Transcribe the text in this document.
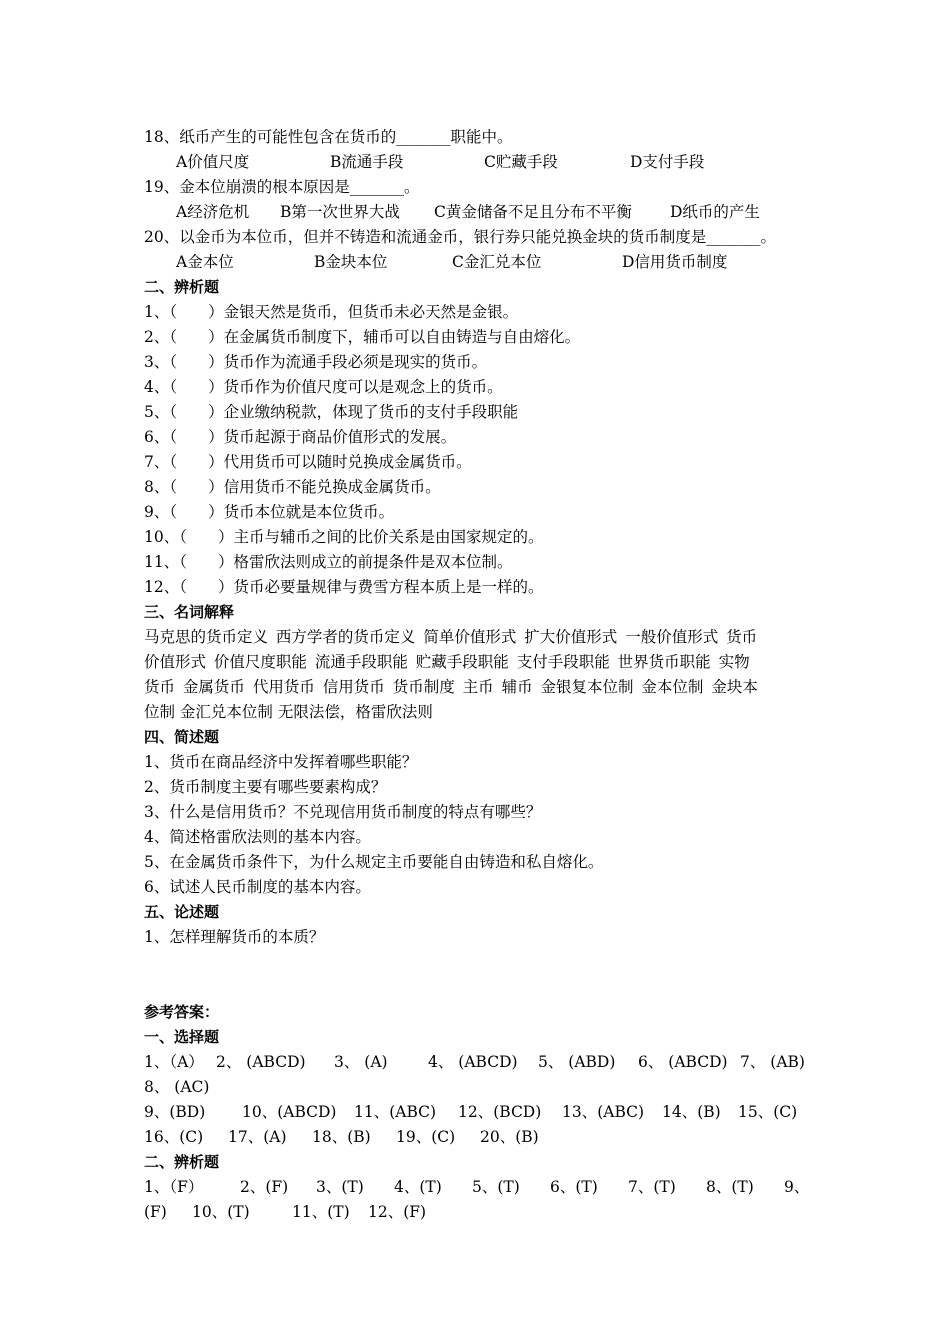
18、纸币产生的可能性包含在货币的_______职能中。
A价值尺度	B流通手段	C贮藏手段	D支付手段
19、金本位崩溃的根本原因是_______。
A经济危机 B第一次世界大战 C黄金储备不足且分布不平衡 D纸币的产生
20、以金币为本位币，但并不铸造和流通金币，银行券只能兑换金块的货币制度是_______。
A金本位	B金块本位	C金汇兑本位	D信用货币制度
二、辨析题
1、（　　）金银天然是货币，但货币未必天然是金银。
2、（　　）在金属货币制度下，辅币可以自由铸造与自由熔化。
3、（　　）货币作为流通手段必须是现实的货币。
4、（　　）货币作为价值尺度可以是观念上的货币。
5、（　　）企业缴纳税款，体现了货币的支付手段职能
6、（　　）货币起源于商品价值形式的发展。
7、（　　）代用货币可以随时兑换成金属货币。
8、（　　）信用货币不能兑换成金属货币。
9、（　　）货币本位就是本位货币。
10、（　　）主币与辅币之间的比价关系是由国家规定的。
11、（　　）格雷欣法则成立的前提条件是双本位制。
12、（　　）货币必要量规律与费雪方程本质上是一样的。
三、名词解释
马克思的货币定义 西方学者的货币定义 简单价值形式 扩大价值形式 一般价值形式 货币
价值形式 价值尺度职能 流通手段职能 贮藏手段职能 支付手段职能 世界货币职能 实物
货币 金属货币 代用货币 信用货币 货币制度 主币 辅币 金银复本位制 金本位制 金块本
位制 金汇兑本位制 无限法偿，格雷欣法则
四、简述题
1、货币在商品经济中发挥着哪些职能？
2、货币制度主要有哪些要素构成？
3、什么是信用货币？不兑现信用货币制度的特点有哪些？
4、简述格雷欣法则的基本内容。
5、在金属货币条件下，为什么规定主币要能自由铸造和私自熔化。
6、试述人民币制度的基本内容。
五、论述题
1、怎样理解货币的本质？
参考答案：
一、选择题
1、（A） 2、 (ABCD) 3、 (A)	4、 (ABCD) 5、 (ABD) 6、 (ABCD) 7、 (AB)
8、 (AC)
9、(BD) 10、(ABCD) 11、(ABC) 12、(BCD) 13、(ABC) 14、(B) 15、(C)
16、(C) 17、(A) 18、(B) 19、(C) 20、(B)
二、辨析题
1、（F） 2、(F) 3、(T) 4、(T) 5、(T) 6、(T) 7、(T) 8、(T) 9、
(F) 10、(T)	11、(T) 12、(F)
